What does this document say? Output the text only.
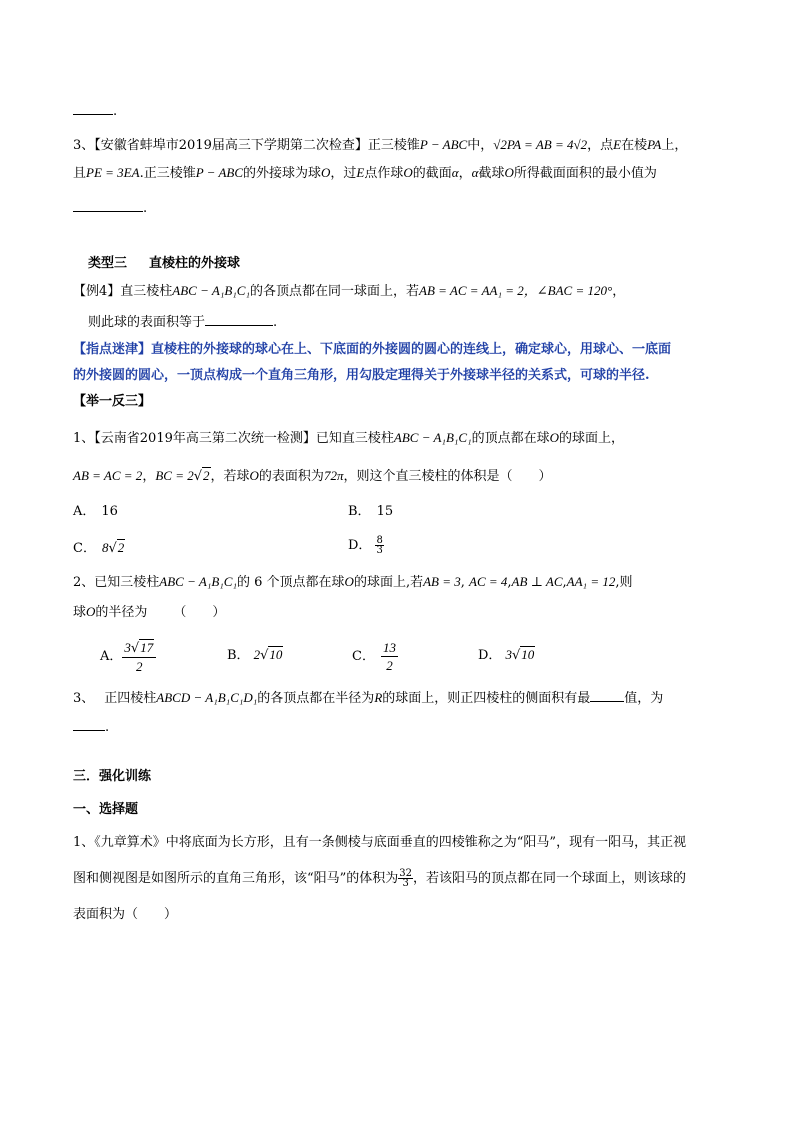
.
3、【安徽省蚌埠市2019届高三下学期第二次检查】正三棱锥P − ABC中，√2PA = AB = 4√2，点E在棱PA上，
且PE = 3EA.正三棱锥P − ABC的外接球为球O，过E点作球O的截面α，α截球O所得截面面积的最小值为
.
类型三 直棱柱的外接球
【例4】直三棱柱ABC − A₁B₁C₁的各顶点都在同一球面上，若AB = AC = AA₁ = 2，∠BAC = 120°，
则此球的表面积等于	.
【指点迷津】直棱柱的外接球的球心在上、下底面的外接圆的圆心的连线上，确定球心，用球心、一底面
的外接圆的圆心，一顶点构成一个直角三角形，用勾股定理得关于外接球半径的关系式，可球的半径.
【举一反三】
1、【云南省2019年高三第二次统一检测】已知直三棱柱ABC − A₁B₁C₁的顶点都在球O的球面上，
AB = AC = 2，BC = 2√2，若球O的表面积为72π，则这个直三棱柱的体积是（　　）
A． 16	B． 15
C． 8√2	D． $\frac{8}{3}$
2、已知三棱柱ABC − A₁B₁C₁的 6 个顶点都在球O的球面上,若AB = 3, AC = 4,AB ⊥ AC,AA₁ = 12,则
球O的半径为 （　　）
A． $\frac{3√17}{2}$	B． 2√10	C． $\frac{13}{2}$	D． 3√10
3、 正四棱柱ABCD − A₁B₁C₁D₁的各顶点都在半径为R的球面上，则正四棱柱的侧面积有最	值，为
.
三．强化训练
一、选择题
1、《九章算术》中将底面为长方形，且有一条侧棱与底面垂直的四棱锥称之为“阳马”，现有一阳马，其正视
图和侧视图是如图所示的直角三角形，该“阳马”的体积为 $\frac{32}{3}$ ，若该阳马的顶点都在同一个球面上，则该球的
表面积为（　　）
